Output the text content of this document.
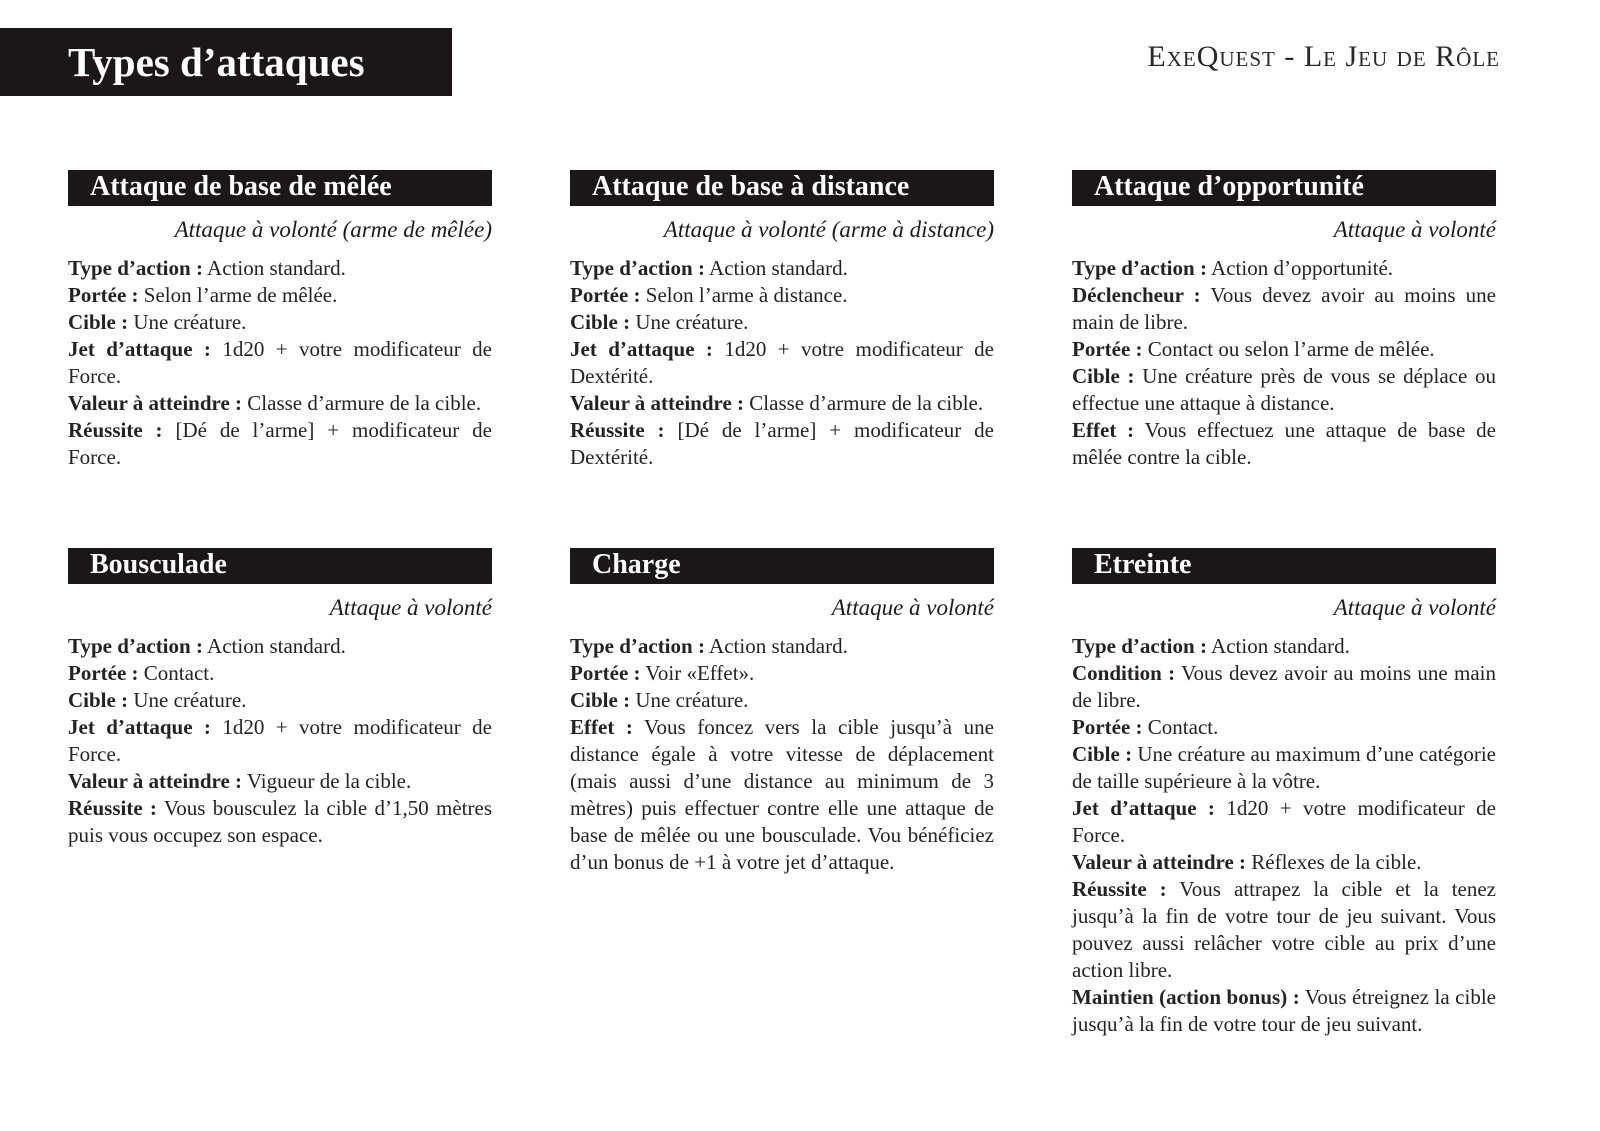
Types d’attaques	ExeQuest - Le Jeu de Rôle
Attaque de base de mêlée
Attaque à volonté (arme de mêlée)

Type d’action : Action standard.

Portée : Selon l’arme de mêlée.

Cible : Une créature.

Jet d’attaque : 1d20 + votre modificateur de Force.

Valeur à atteindre : Classe d’armure de la cible.

Réussite : [Dé de l’arme] + modificateur de Force.

Attaque de base à distance
Attaque à volonté (arme à distance)

Type d’action : Action standard.

Portée : Selon l’arme à distance.

Cible : Une créature.

Jet d’attaque : 1d20 + votre modificateur de Dextérité.

Valeur à atteindre : Classe d’armure de la cible.

Réussite : [Dé de l’arme] + modificateur de Dextérité.

Attaque d’opportunité
Attaque à volonté

Type d’action : Action d’opportunité.

Déclencheur : Vous devez avoir au moins une main de libre.

Portée : Contact ou selon l’arme de mêlée.

Cible : Une créature près de vous se déplace ou effectue une attaque à distance.

Effet : Vous effectuez une attaque de base de mêlée contre la cible.

Bousculade
Attaque à volonté

Type d’action : Action standard.

Portée : Contact.

Cible : Une créature.

Jet d’attaque : 1d20 + votre modificateur de Force.

Valeur à atteindre : Vigueur de la cible.

Réussite : Vous bousculez la cible d’1,50 mètres puis vous occupez son espace.

Charge
Attaque à volonté

Type d’action : Action standard.

Portée : Voir «Effet».

Cible : Une créature.

Effet : Vous foncez vers la cible jusqu’à une distance égale à votre vitesse de déplacement (mais aussi d’une distance au minimum de 3 mètres) puis effectuer contre elle une attaque de base de mêlée ou une bousculade. Vou bénéficiez d’un bonus de +1 à votre jet d’attaque.

Etreinte
Attaque à volonté

Type d’action : Action standard.

Condition : Vous devez avoir au moins une main de libre.

Portée : Contact.

Cible : Une créature au maximum d’une catégorie de taille supérieure à la vôtre.

Jet d’attaque : 1d20 + votre modificateur de Force.

Valeur à atteindre : Réflexes de la cible.

Réussite : Vous attrapez la cible et la tenez jusqu’à la fin de votre tour de jeu suivant. Vous pouvez aussi relâcher votre cible au prix d’une action libre.

Maintien (action bonus) : Vous étreignez la cible jusqu’à la fin de votre tour de jeu suivant.
